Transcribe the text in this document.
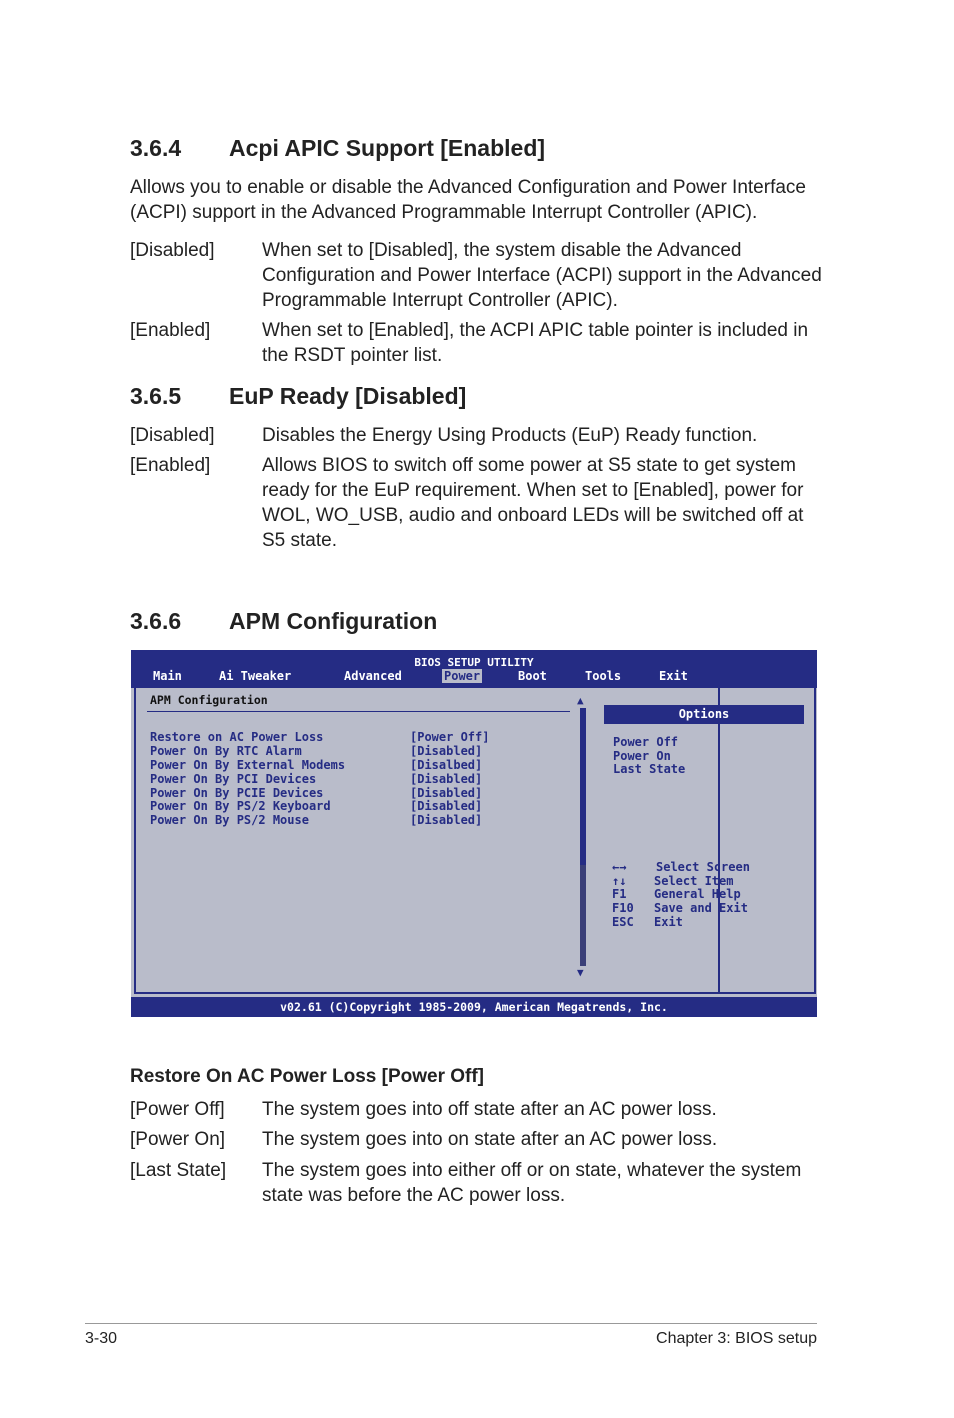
3.6.4 Acpi APIC Support [Enabled]
Allows you to enable or disable the Advanced Configuration and Power Interface
(ACPI) support in the Advanced Programmable Interrupt Controller (APIC).
[Disabled]	When set to [Disabled], the system disable the Advanced
Configuration and Power Interface (ACPI) support in the Advanced
Programmable Interrupt Controller (APIC).
[Enabled]	When set to [Enabled], the ACPI APIC table pointer is included in
the RSDT pointer list.
3.6.5 EuP Ready [Disabled]
[Disabled]	Disables the Energy Using Products (EuP) Ready function.
[Enabled]	Allows BIOS to switch off some power at S5 state to get system
ready for the EuP requirement. When set to [Enabled], power for
WOL, WO_USB, audio and onboard LEDs will be switched off at
S5 state.
3.6.6 APM Configuration
BIOS SETUP UTILITY
Main	Ai Tweaker	Advanced	Power	Boot	Tools	Exit
APM Configuration
Restore on AC Power Loss	[Power Off]
Power On By RTC Alarm	[Disabled]
Power On By External Modems	[Disalbed]
Power On By PCI Devices	[Disabled]
Power On By PCIE Devices	[Disabled]
Power On By PS/2 Keyboard	[Disabled]
Power On By PS/2 Mouse	[Disabled]
▲
▼
Options
Power Off
Power On
Last State
←→ Select Screen
↑↓ Select Item
F1 General Help
F10 Save and Exit
ESC Exit
v02.61 (C)Copyright 1985-2009, American Megatrends, Inc.
Restore On AC Power Loss [Power Off]
[Power Off] The system goes into off state after an AC power loss.
[Power On] The system goes into on state after an AC power loss.
[Last State] The system goes into either off or on state, whatever the system
state was before the AC power loss.
3-30	Chapter 3: BIOS setup
